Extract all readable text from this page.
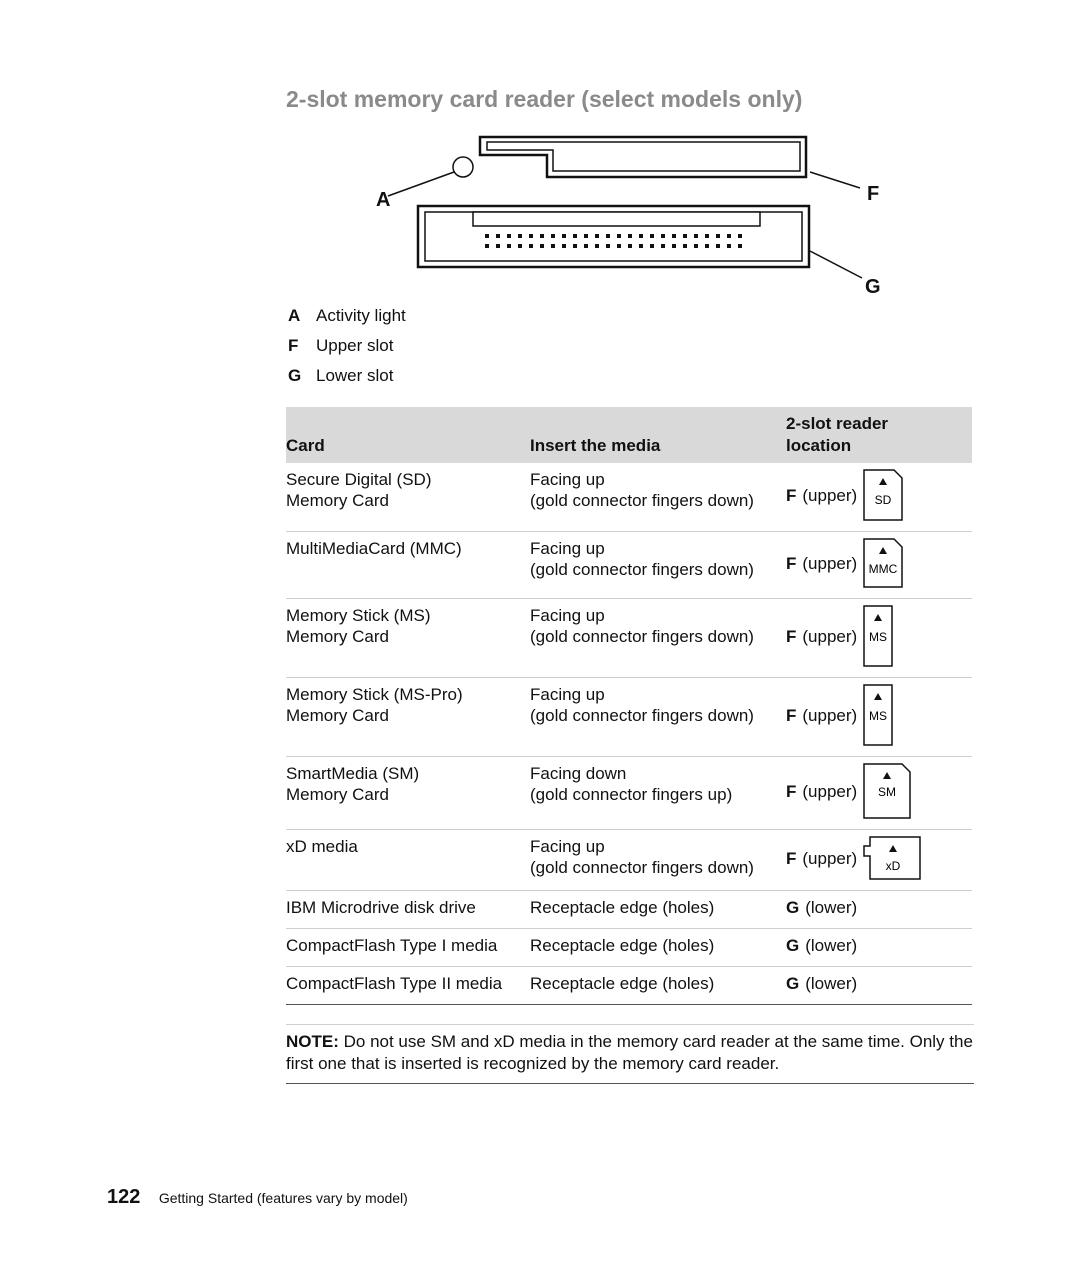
2-slot memory card reader (select models only)
A	F
G
A Activity light
F Upper slot
G Lower slot
Card	Insert the media	2-slot reader
location

Secure Digital (SD)
Memory Card	Facing up
(gold connector fingers down)	F (upper) SD

MultiMediaCard (MMC)	Facing up
(gold connector fingers down)	F (upper) MMC

Memory Stick (MS)
Memory Card	Facing up
(gold connector fingers down)	F (upper) MS

Memory Stick (MS-Pro)
Memory Card	Facing up
(gold connector fingers down)	F (upper) MS

SmartMedia (SM)
Memory Card	Facing down
(gold connector fingers up)	F (upper) SM

xD media	Facing up
(gold connector fingers down)	F (upper) xD

IBM Microdrive disk drive	Receptacle edge (holes)	G (lower)

CompactFlash Type I media	Receptacle edge (holes)	G (lower)

CompactFlash Type II media	Receptacle edge (holes)	G (lower)
NOTE: Do not use SM and xD media in the memory card reader at the same time. Only the first one that is inserted is recognized by the memory card reader.
122 Getting Started (features vary by model)
